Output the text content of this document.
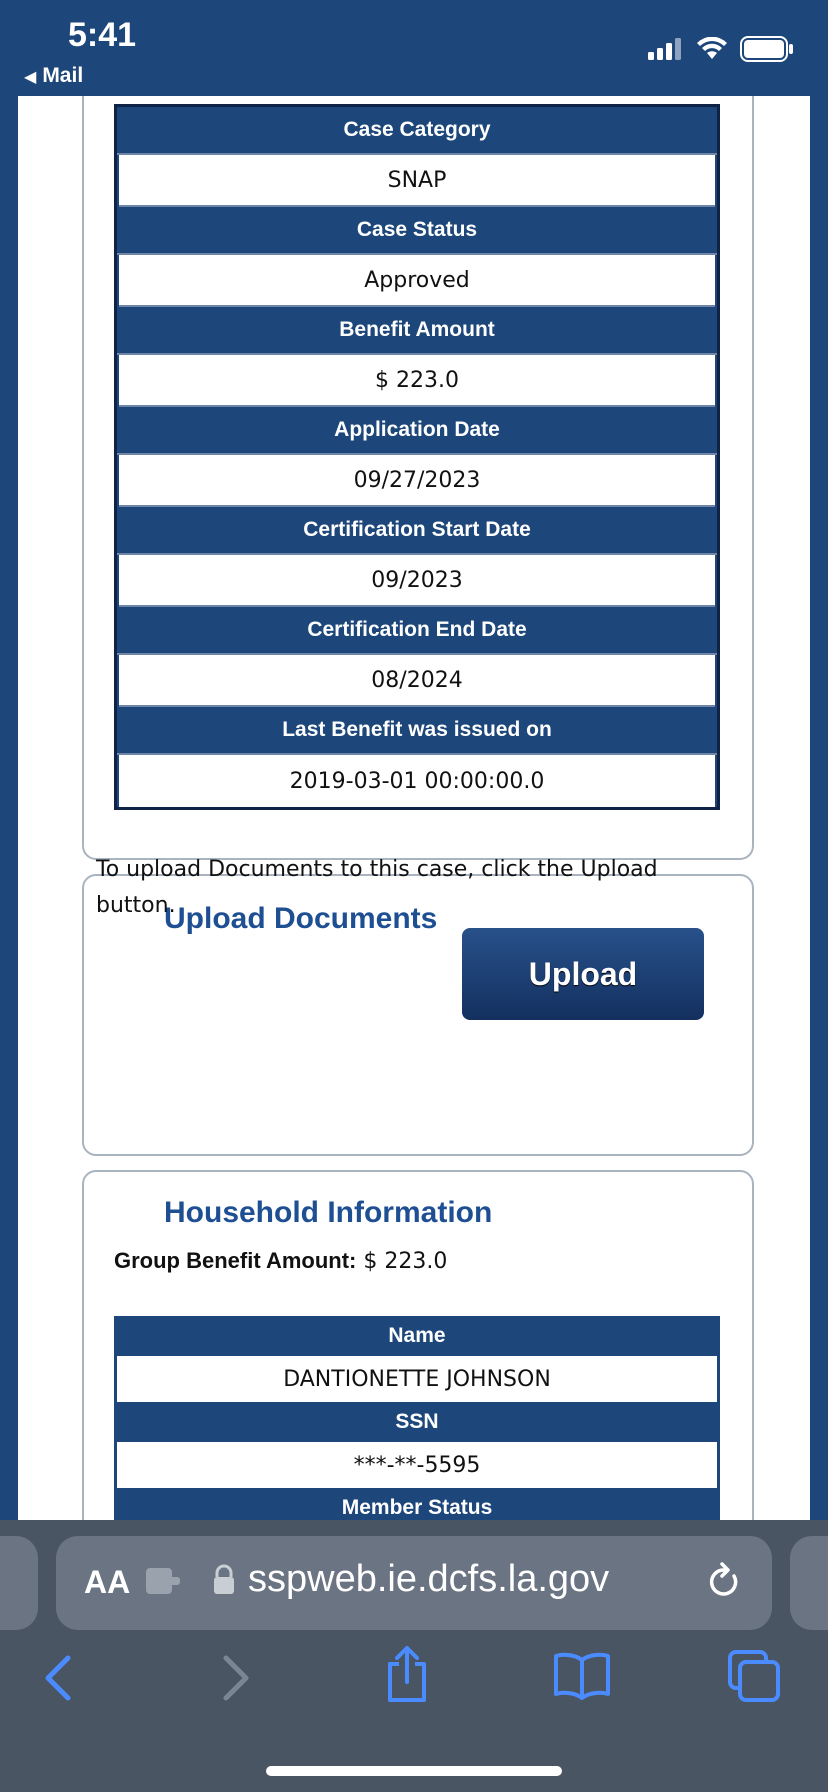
5:41
◀ Mail
Case Category
SNAP
Case Status
Approved
Benefit Amount
$ 223.0
Application Date
09/27/2023
Certification Start Date
09/2023
Certification End Date
08/2024
Last Benefit was issued on
2019-03-01 00:00:00.0
Upload Documents
To upload Documents to this case, click the Upload button.
Upload
Household Information
Group Benefit Amount: $ 223.0
Name
DANTIONETTE JOHNSON
SSN
***-**-5595
Member Status
AA	sspweb.ie.dcfs.la.gov
